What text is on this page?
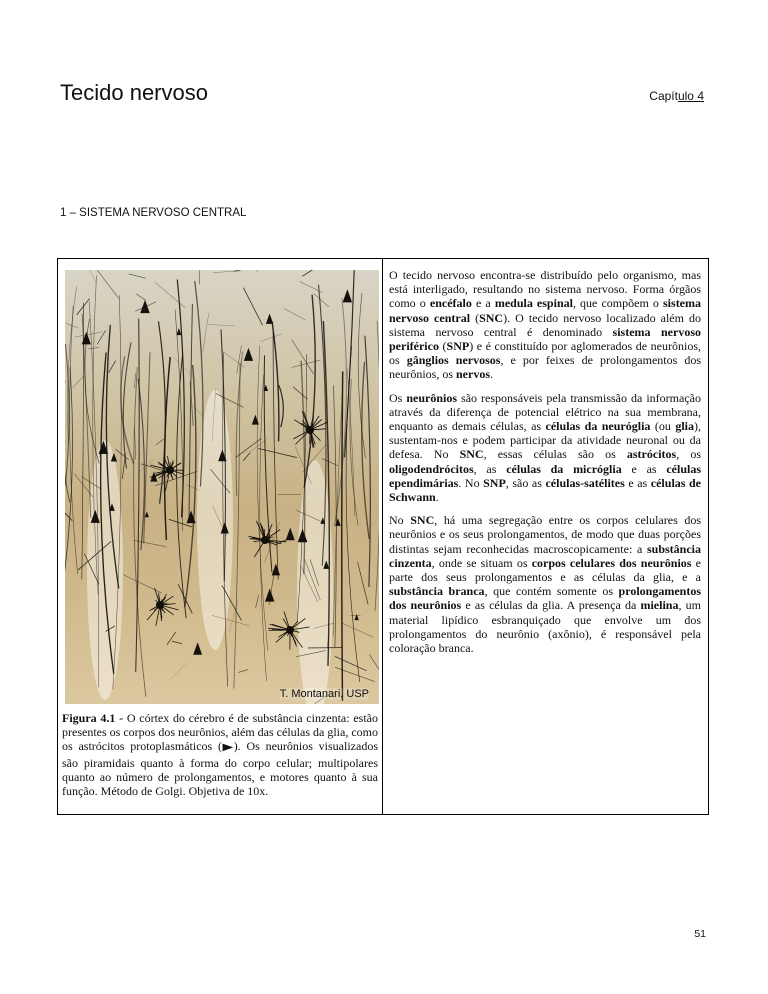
Tecido nervoso	Capítulo 4
1 – SISTEMA NERVOSO CENTRAL
T. Montanari, USP
Figura 4.1 - O córtex do cérebro é de substância cinzenta: estão presentes os corpos dos neurônios, além das células da glia, como os astrócitos protoplasmáticos (▶). Os neurônios visualizados são piramidais quanto à forma do corpo celular; multipolares quanto ao número de prolongamentos, e motores quanto à sua função. Método de Golgi. Objetiva de 10x.

O tecido nervoso encontra-se distribuído pelo organismo, mas está interligado, resultando no sistema nervoso. Forma órgãos como o encéfalo e a medula espinal, que compõem o sistema nervoso central (SNC). O tecido nervoso localizado além do sistema nervoso central é denominado sistema nervoso periférico (SNP) e é constituído por aglomerados de neurônios, os gânglios nervosos, e por feixes de prolongamentos dos neurônios, os nervos.

Os neurônios são responsáveis pela transmissão da informação através da diferença de potencial elétrico na sua membrana, enquanto as demais células, as células da neuróglia (ou glia), sustentam-nos e podem participar da atividade neuronal ou da defesa. No SNC, essas células são os astrócitos, os oligodendrócitos, as células da micróglia e as células ependimárias. No SNP, são as células-satélites e as células de Schwann.

No SNC, há uma segregação entre os corpos celulares dos neurônios e os seus prolongamentos, de modo que duas porções distintas sejam reconhecidas macroscopicamente: a substância cinzenta, onde se situam os corpos celulares dos neurônios e parte dos seus prolongamentos e as células da glia, e a substância branca, que contém somente os prolongamentos dos neurônios e as células da glia. A presença da mielina, um material lipídico esbranquiçado que envolve um dos prolongamentos do neurônio (axônio), é responsável pela coloração branca.

51
